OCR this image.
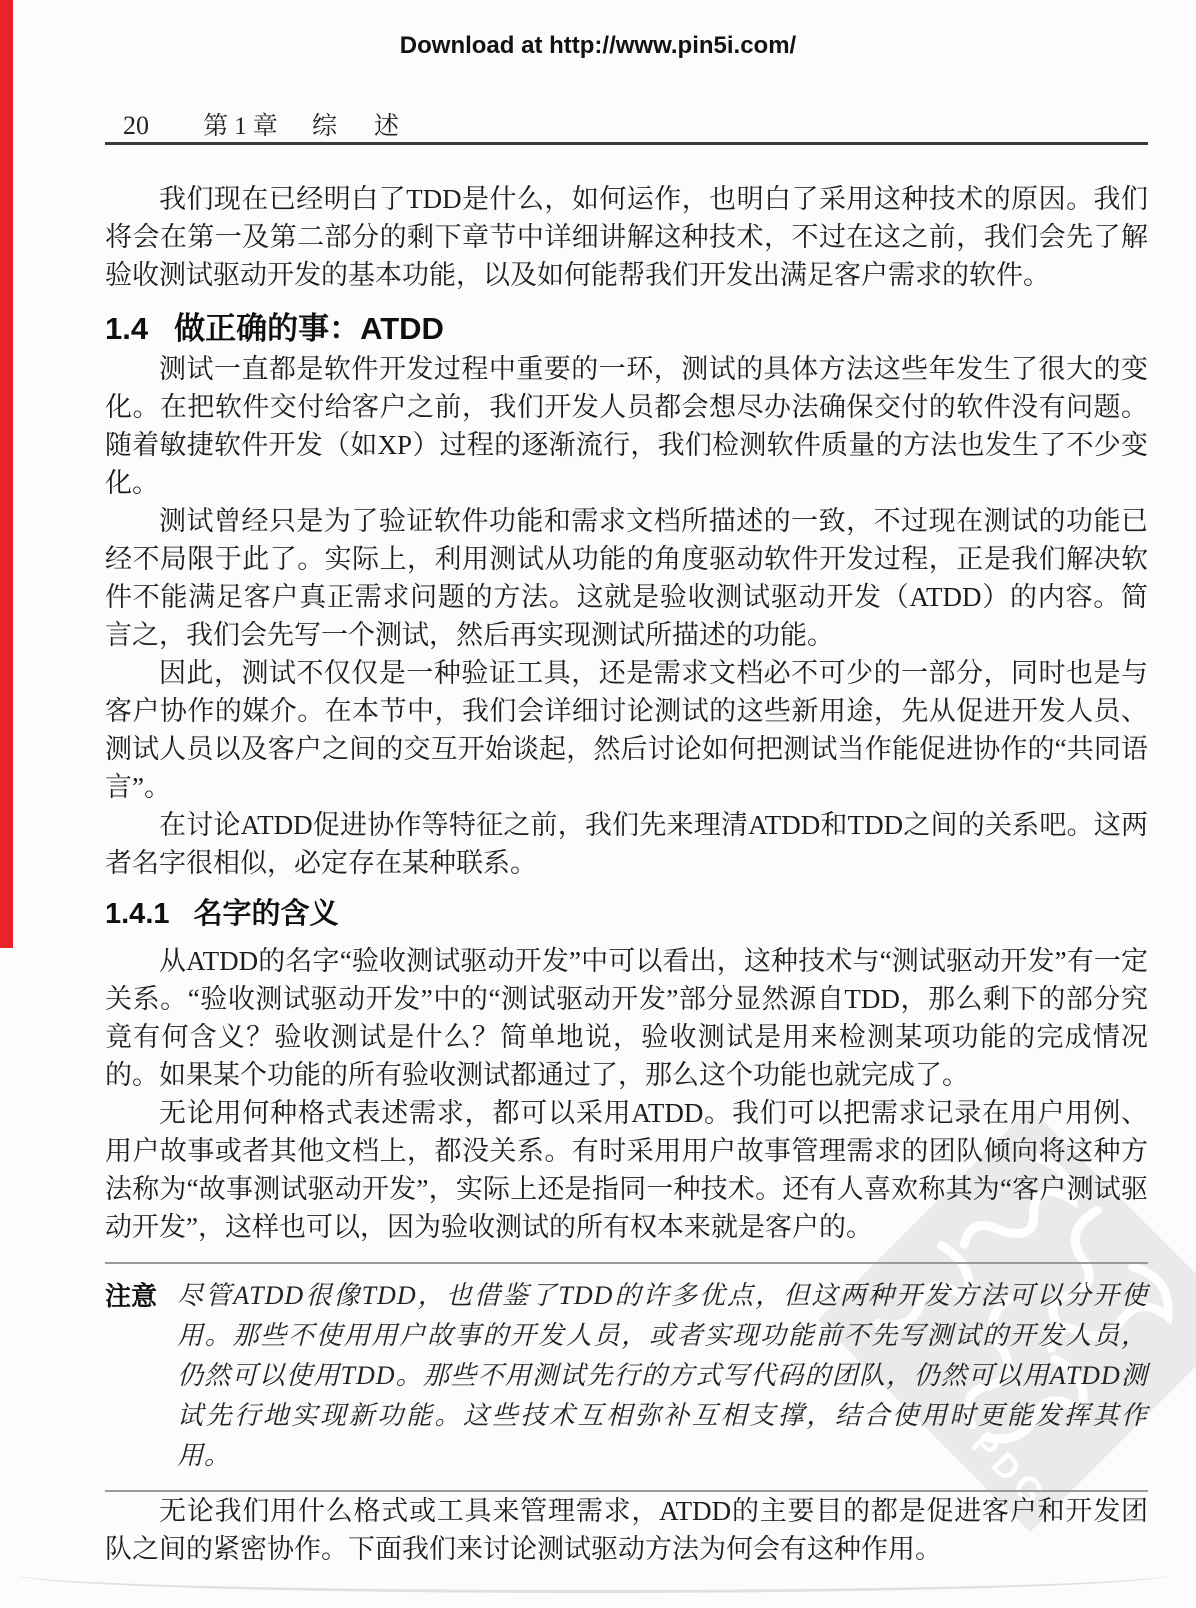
PDG
Download at http://www.pin5i.com/
20 第1章 综　述

我们现在已经明白了TDD是什么，如何运作，也明白了采用这种技术的原因。我们将会在第一及第二部分的剩下章节中详细讲解这种技术，不过在这之前，我们会先了解验收测试驱动开发的基本功能，以及如何能帮我们开发出满足客户需求的软件。

1.4 做正确的事：ATDD

测试一直都是软件开发过程中重要的一环，测试的具体方法这些年发生了很大的变化。在把软件交付给客户之前，我们开发人员都会想尽办法确保交付的软件没有问题。随着敏捷软件开发（如XP）过程的逐渐流行，我们检测软件质量的方法也发生了不少变化。

测试曾经只是为了验证软件功能和需求文档所描述的一致，不过现在测试的功能已经不局限于此了。实际上，利用测试从功能的角度驱动软件开发过程，正是我们解决软件不能满足客户真正需求问题的方法。这就是验收测试驱动开发（ATDD）的内容。简言之，我们会先写一个测试，然后再实现测试所描述的功能。

因此，测试不仅仅是一种验证工具，还是需求文档必不可少的一部分，同时也是与客户协作的媒介。在本节中，我们会详细讨论测试的这些新用途，先从促进开发人员、测试人员以及客户之间的交互开始谈起，然后讨论如何把测试当作能促进协作的“共同语言”。

在讨论ATDD促进协作等特征之前，我们先来理清ATDD和TDD之间的关系吧。这两者名字很相似，必定存在某种联系。

1.4.1 名字的含义

从ATDD的名字“验收测试驱动开发”中可以看出，这种技术与“测试驱动开发”有一定关系。“验收测试驱动开发”中的“测试驱动开发”部分显然源自TDD，那么剩下的部分究竟有何含义？验收测试是什么？简单地说，验收测试是用来检测某项功能的完成情况的。如果某个功能的所有验收测试都通过了，那么这个功能也就完成了。

无论用何种格式表述需求，都可以采用ATDD。我们可以把需求记录在用户用例、用户故事或者其他文档上，都没关系。有时采用用户故事管理需求的团队倾向将这种方法称为“故事测试驱动开发”，实际上还是指同一种技术。还有人喜欢称其为“客户测试驱动开发”，这样也可以，因为验收测试的所有权本来就是客户的。

注意 尽管ATDD很像TDD，也借鉴了TDD的许多优点，但这两种开发方法可以分开使用。那些不使用用户故事的开发人员，或者实现功能前不先写测试的开发人员，仍然可以使用TDD。那些不用测试先行的方式写代码的团队，仍然可以用ATDD测试先行地实现新功能。这些技术互相弥补互相支撑，结合使用时更能发挥其作用。

无论我们用什么格式或工具来管理需求，ATDD的主要目的都是促进客户和开发团队之间的紧密协作。下面我们来讨论测试驱动方法为何会有这种作用。
